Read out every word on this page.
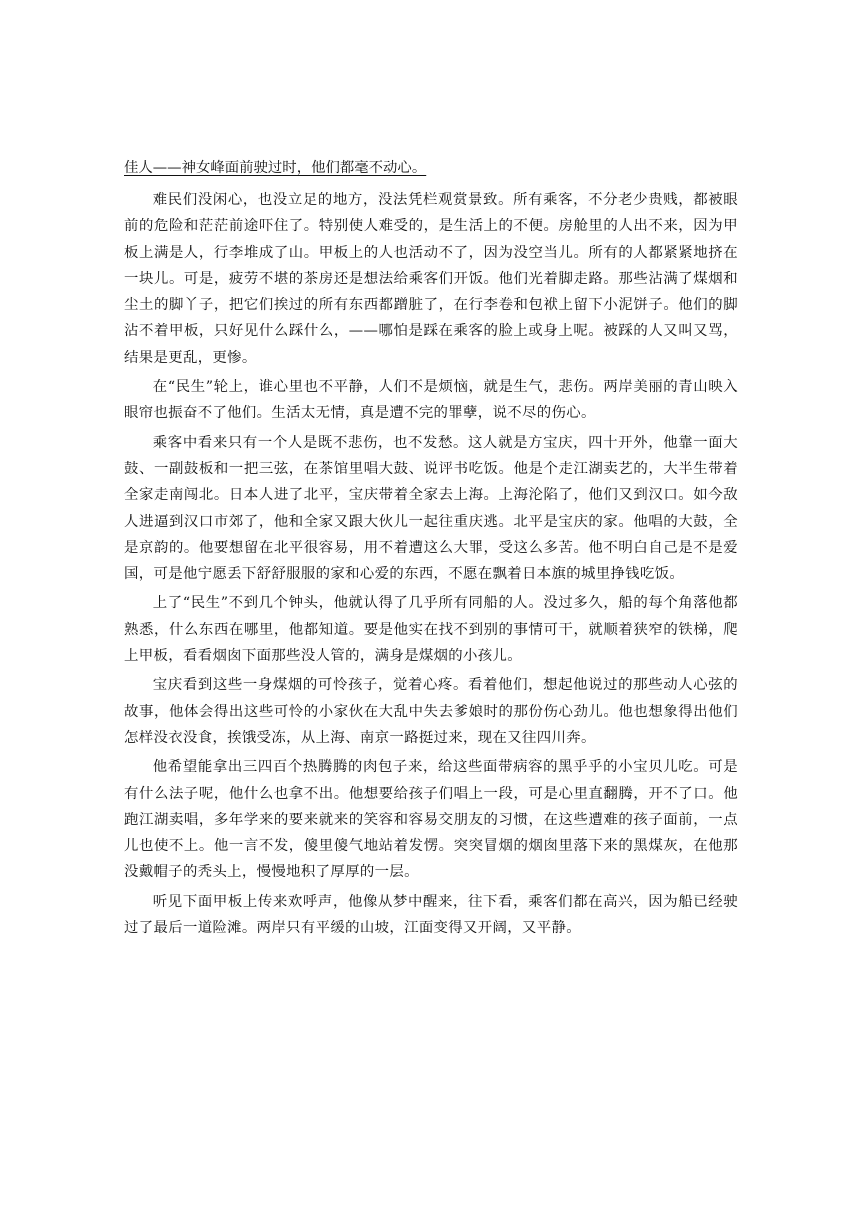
佳人——神女峰面前驶过时，他们都毫不动心。

难民们没闲心，也没立足的地方，没法凭栏观赏景致。所有乘客，不分老少贵贱，都被眼前的危险和茫茫前途吓住了。特别使人难受的，是生活上的不便。房舱里的人出不来，因为甲板上满是人，行李堆成了山。甲板上的人也活动不了，因为没空当儿。所有的人都紧紧地挤在一块儿。可是，疲劳不堪的茶房还是想法给乘客们开饭。他们光着脚走路。那些沾满了煤烟和尘土的脚丫子，把它们挨过的所有东西都蹭脏了，在行李卷和包袱上留下小泥饼子。他们的脚沾不着甲板，只好见什么踩什么，——哪怕是踩在乘客的脸上或身上呢。被踩的人又叫又骂，结果是更乱，更惨。

在“民生”轮上，谁心里也不平静，人们不是烦恼，就是生气，悲伤。两岸美丽的青山映入眼帘也振奋不了他们。生活太无情，真是遭不完的罪孽，说不尽的伤心。

乘客中看来只有一个人是既不悲伤，也不发愁。这人就是方宝庆，四十开外，他靠一面大鼓、一副鼓板和一把三弦，在茶馆里唱大鼓、说评书吃饭。他是个走江湖卖艺的，大半生带着全家走南闯北。日本人进了北平，宝庆带着全家去上海。上海沦陷了，他们又到汉口。如今敌人进逼到汉口市郊了，他和全家又跟大伙儿一起往重庆逃。北平是宝庆的家。他唱的大鼓，全是京韵的。他要想留在北平很容易，用不着遭这么大罪，受这么多苦。他不明白自己是不是爱国，可是他宁愿丢下舒舒服服的家和心爱的东西，不愿在飘着日本旗的城里挣钱吃饭。

上了“民生”不到几个钟头，他就认得了几乎所有同船的人。没过多久，船的每个角落他都熟悉，什么东西在哪里，他都知道。要是他实在找不到别的事情可干，就顺着狭窄的铁梯，爬上甲板，看看烟囱下面那些没人管的，满身是煤烟的小孩儿。

宝庆看到这些一身煤烟的可怜孩子，觉着心疼。看着他们，想起他说过的那些动人心弦的故事，他体会得出这些可怜的小家伙在大乱中失去爹娘时的那份伤心劲儿。他也想象得出他们怎样没衣没食，挨饿受冻，从上海、南京一路挺过来，现在又往四川奔。

他希望能拿出三四百个热腾腾的肉包子来，给这些面带病容的黑乎乎的小宝贝儿吃。可是有什么法子呢，他什么也拿不出。他想要给孩子们唱上一段，可是心里直翻腾，开不了口。他跑江湖卖唱，多年学来的要来就来的笑容和容易交朋友的习惯，在这些遭难的孩子面前，一点儿也使不上。他一言不发，傻里傻气地站着发愣。突突冒烟的烟囱里落下来的黑煤灰，在他那没戴帽子的秃头上，慢慢地积了厚厚的一层。

听见下面甲板上传来欢呼声，他像从梦中醒来，往下看，乘客们都在高兴，因为船已经驶过了最后一道险滩。两岸只有平缓的山坡，江面变得又开阔，又平静。
